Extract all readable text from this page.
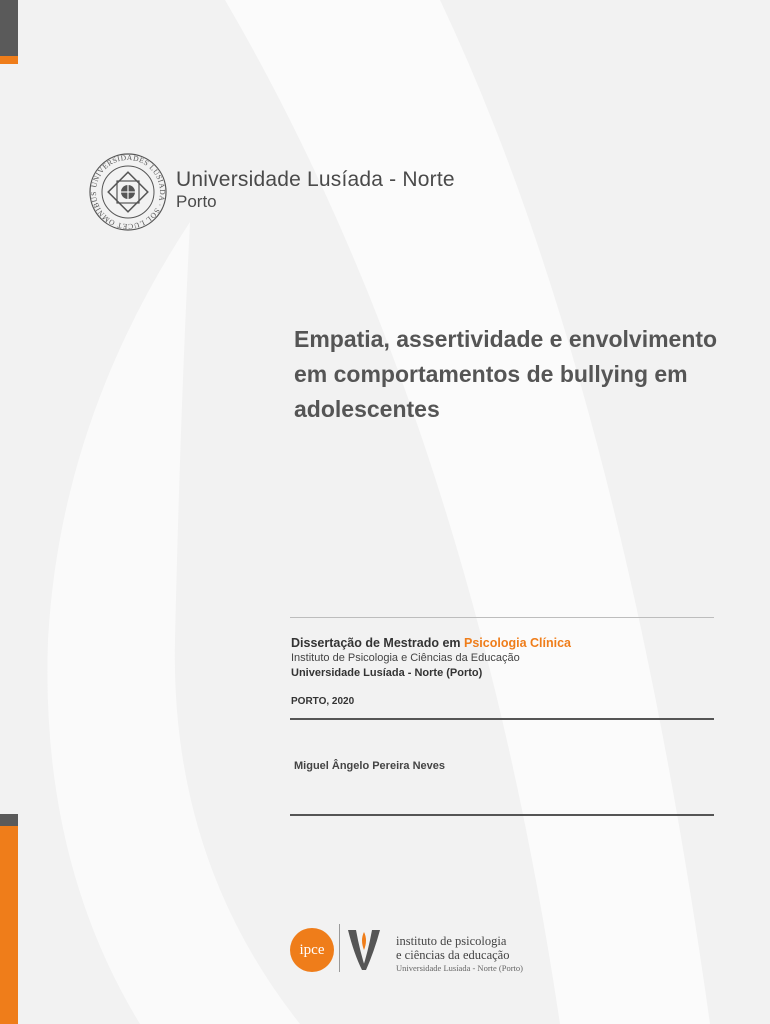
UNIVERSIDADES LUSIADA · SOL LUCET OMNIBUS
Universidade Lusíada - Norte
Porto
Empatia, assertividade e envolvimento em comportamentos de bullying em adolescentes
Dissertação de Mestrado em Psicologia Clínica
Instituto de Psicologia e Ciências da Educação
Universidade Lusíada - Norte (Porto)
PORTO, 2020
Miguel Ângelo Pereira Neves
ipce
instituto de psicologia
e ciências da educação
Universidade Lusíada - Norte (Porto)
